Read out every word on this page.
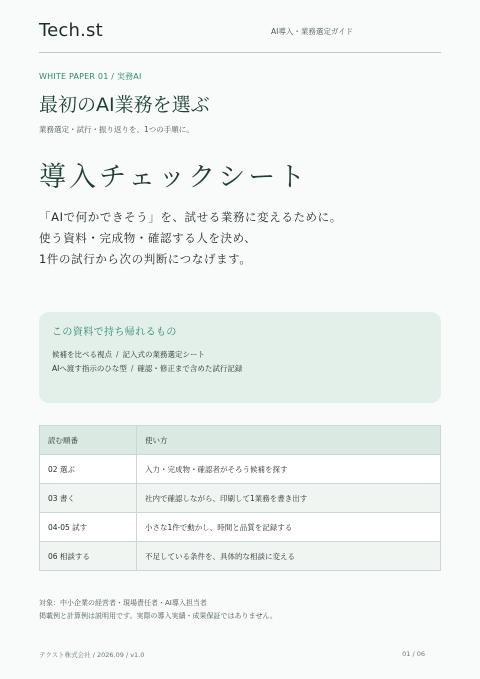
Tech.st	AI導入・業務選定ガイド
WHITE PAPER 01 / 実務AI
最初のAI業務を選ぶ
業務選定・試行・振り返りを、1つの手順に。
導入チェックシート
「AIで何かできそう」を、試せる業務に変えるために。
使う資料・完成物・確認する人を決め、
1件の試行から次の判断につなげます。
この資料で持ち帰れるもの
候補を比べる視点 / 記入式の業務選定シート
AIへ渡す指示のひな型 / 確認・修正まで含めた試行記録
読む順番	使い方
02 選ぶ	入力・完成物・確認者がそろう候補を探す
03 書く	社内で確認しながら、印刷して1業務を書き出す
04-05 試す	小さな1件で動かし、時間と品質を記録する
06 相談する	不足している条件を、具体的な相談に変える
対象：中小企業の経営者・現場責任者・AI導入担当者
掲載例と計算例は説明用です。実際の導入実績・成果保証ではありません。
テクスト株式会社 / 2026.09 / v1.0	01 / 06
